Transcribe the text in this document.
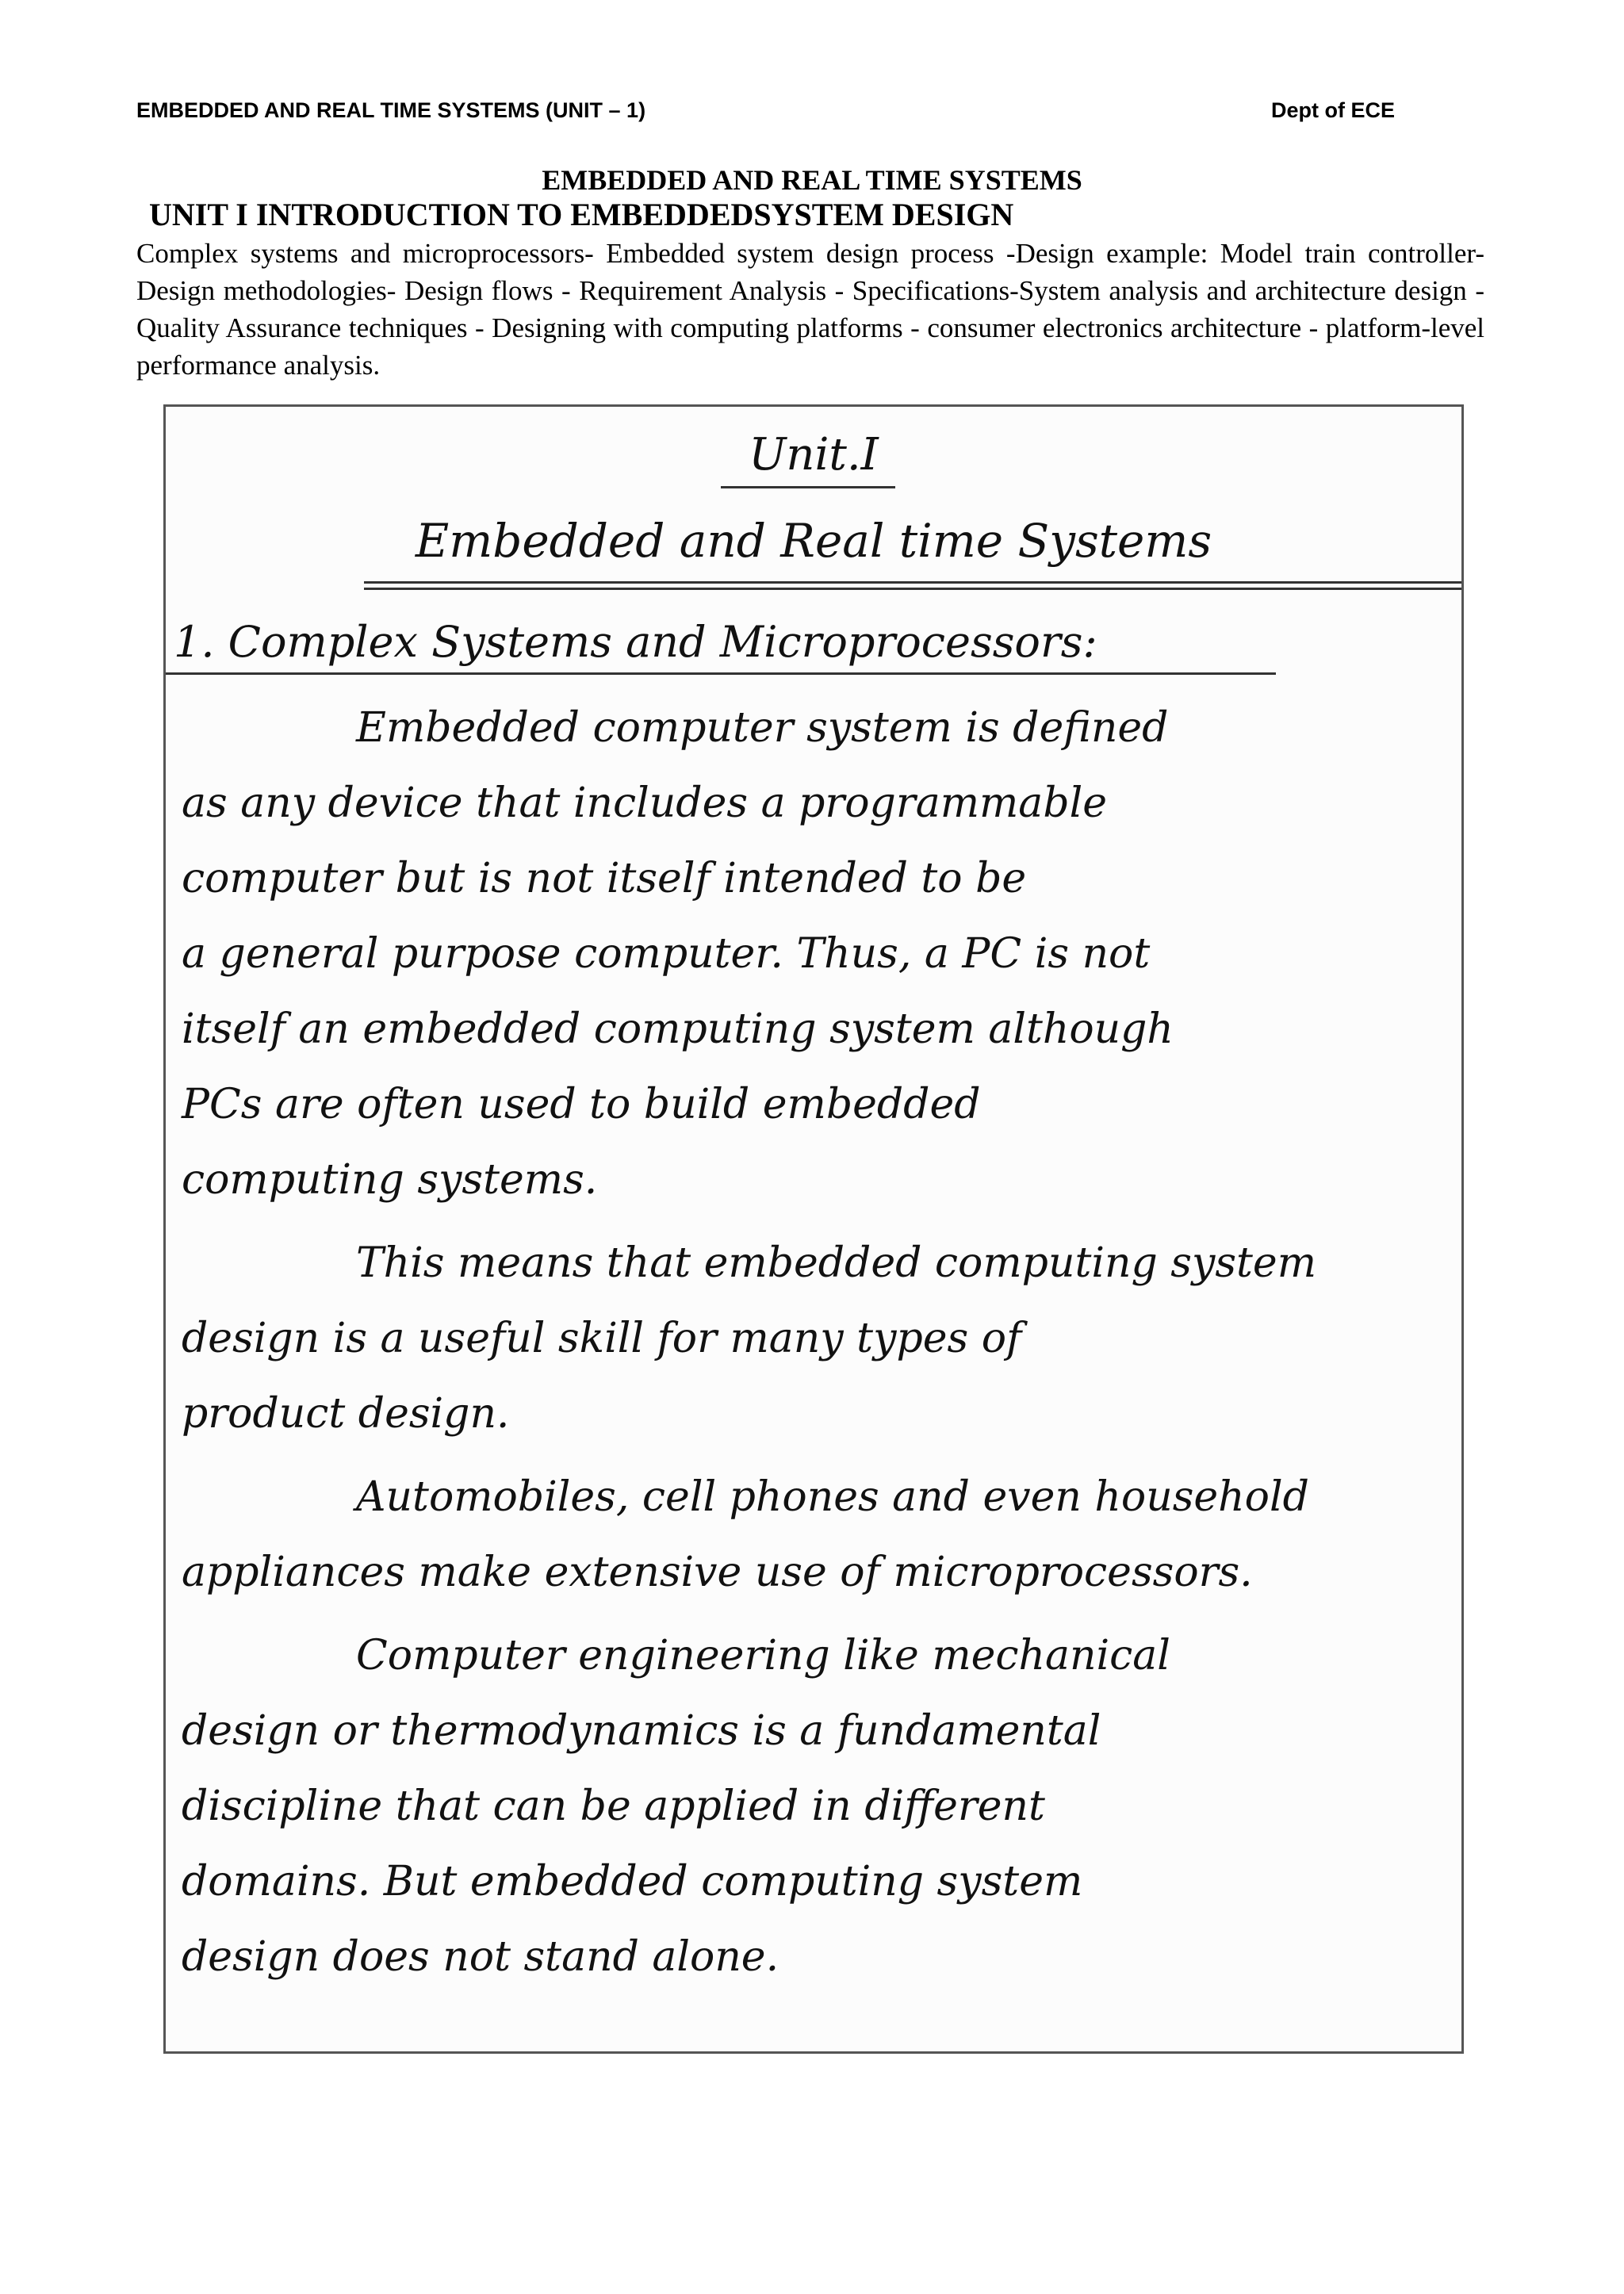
EMBEDDED AND REAL TIME SYSTEMS (UNIT – 1)	Dept of ECE
EMBEDDED AND REAL TIME SYSTEMS
UNIT I INTRODUCTION TO EMBEDDEDSYSTEM DESIGN
Complex systems and microprocessors- Embedded system design process -Design example: Model train controller- Design methodologies- Design flows - Requirement Analysis - Specifications-System analysis and architecture design - Quality Assurance techniques - Designing with computing platforms - consumer electronics architecture - platform-level performance analysis.
Unit.I
Embedded and Real time Systems
1. Complex Systems and Microprocessors:
Embedded computer system is defined
as any device that includes a programmable
computer but is not itself intended to be
a general purpose computer. Thus, a PC is not
itself an embedded computing system although
PCs are often used to build embedded
computing systems.
This means that embedded computing system
design is a useful skill for many types of
product design.
Automobiles, cell phones and even household
appliances make extensive use of microprocessors.
Computer engineering like mechanical
design or thermodynamics is a fundamental
discipline that can be applied in different
domains. But embedded computing system
design does not stand alone.
